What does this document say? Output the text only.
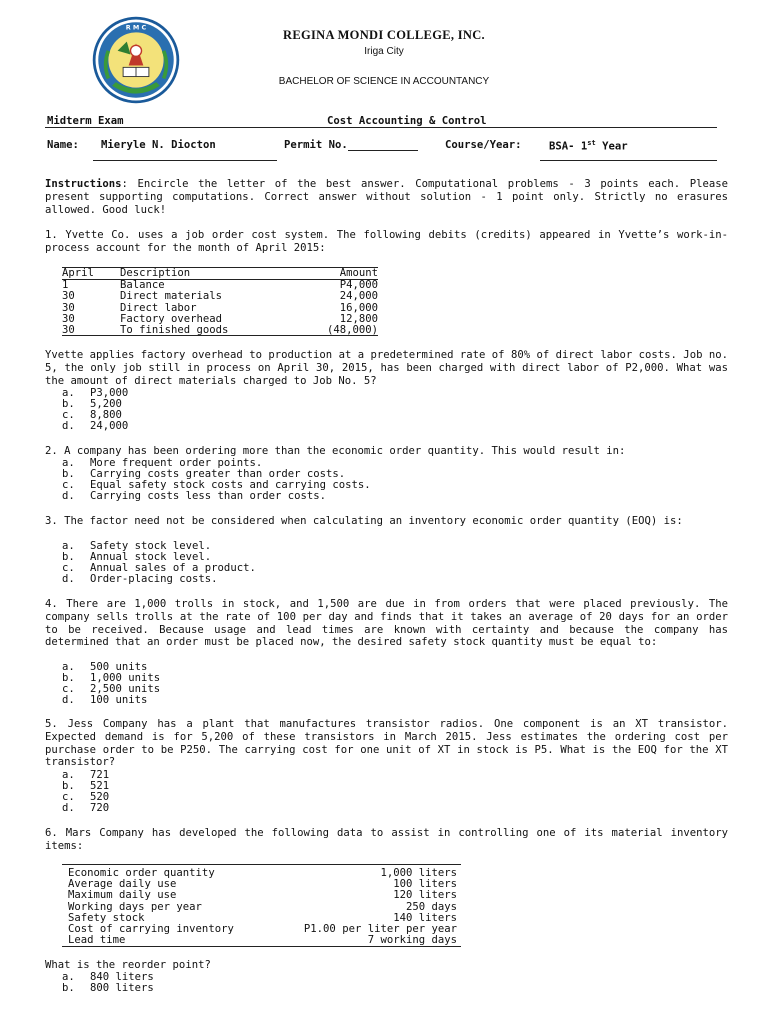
R M C
REGINA MONDI COLLEGE, INC.
Iriga City
BACHELOR OF SCIENCE IN ACCOUNTANCY
Midterm Exam	Cost Accounting & Control
Name: Mieryle N. Diocton	Permit No.	Course/Year:	BSA- 1st Year
Instructions: Encircle the letter of the best answer. Computational problems - 3 points each. Please present supporting computations. Correct answer without solution - 1 point only. Strictly no erasures allowed. Good luck!
1. Yvette Co. uses a job order cost system. The following debits (credits) appeared in Yvette’s work-in-process account for the month of April 2015:
April	Description	Amount
1	Balance	P4,000
30	Direct materials	24,000
30	Direct labor	16,000
30	Factory overhead	12,800
30	To finished goods	(48,000)
Yvette applies factory overhead to production at a predetermined rate of 80% of direct labor costs. Job no. 5, the only job still in process on April 30, 2015, has been charged with direct labor of P2,000. What was the amount of direct materials charged to Job No. 5?
a. P3,000
b. 5,200
c. 8,800
d. 24,000
2. A company has been ordering more than the economic order quantity. This would result in:
a. More frequent order points.
b. Carrying costs greater than order costs.
c. Equal safety stock costs and carrying costs.
d. Carrying costs less than order costs.
3. The factor need not be considered when calculating an inventory economic order quantity (EOQ) is:
a. Safety stock level.
b. Annual stock level.
c. Annual sales of a product.
d. Order-placing costs.
4. There are 1,000 trolls in stock, and 1,500 are due in from orders that were placed previously. The company sells trolls at the rate of 100 per day and finds that it takes an average of 20 days for an order to be received. Because usage and lead times are known with certainty and because the company has determined that an order must be placed now, the desired safety stock quantity must be equal to:
a. 500 units
b. 1,000 units
c. 2,500 units
d. 100 units
5. Jess Company has a plant that manufactures transistor radios. One component is an XT transistor. Expected demand is for 5,200 of these transistors in March 2015. Jess estimates the ordering cost per purchase order to be P250. The carrying cost for one unit of XT in stock is P5. What is the EOQ for the XT transistor?
a. 721
b. 521
c. 520
d. 720
6. Mars Company has developed the following data to assist in controlling one of its material inventory items:
Economic order quantity	1,000 liters
Average daily use	100 liters
Maximum daily use	120 liters
Working days per year	250 days
Safety stock	140 liters
Cost of carrying inventory	P1.00 per liter per year
Lead time	7 working days
What is the reorder point?
a. 840 liters
b. 800 liters
